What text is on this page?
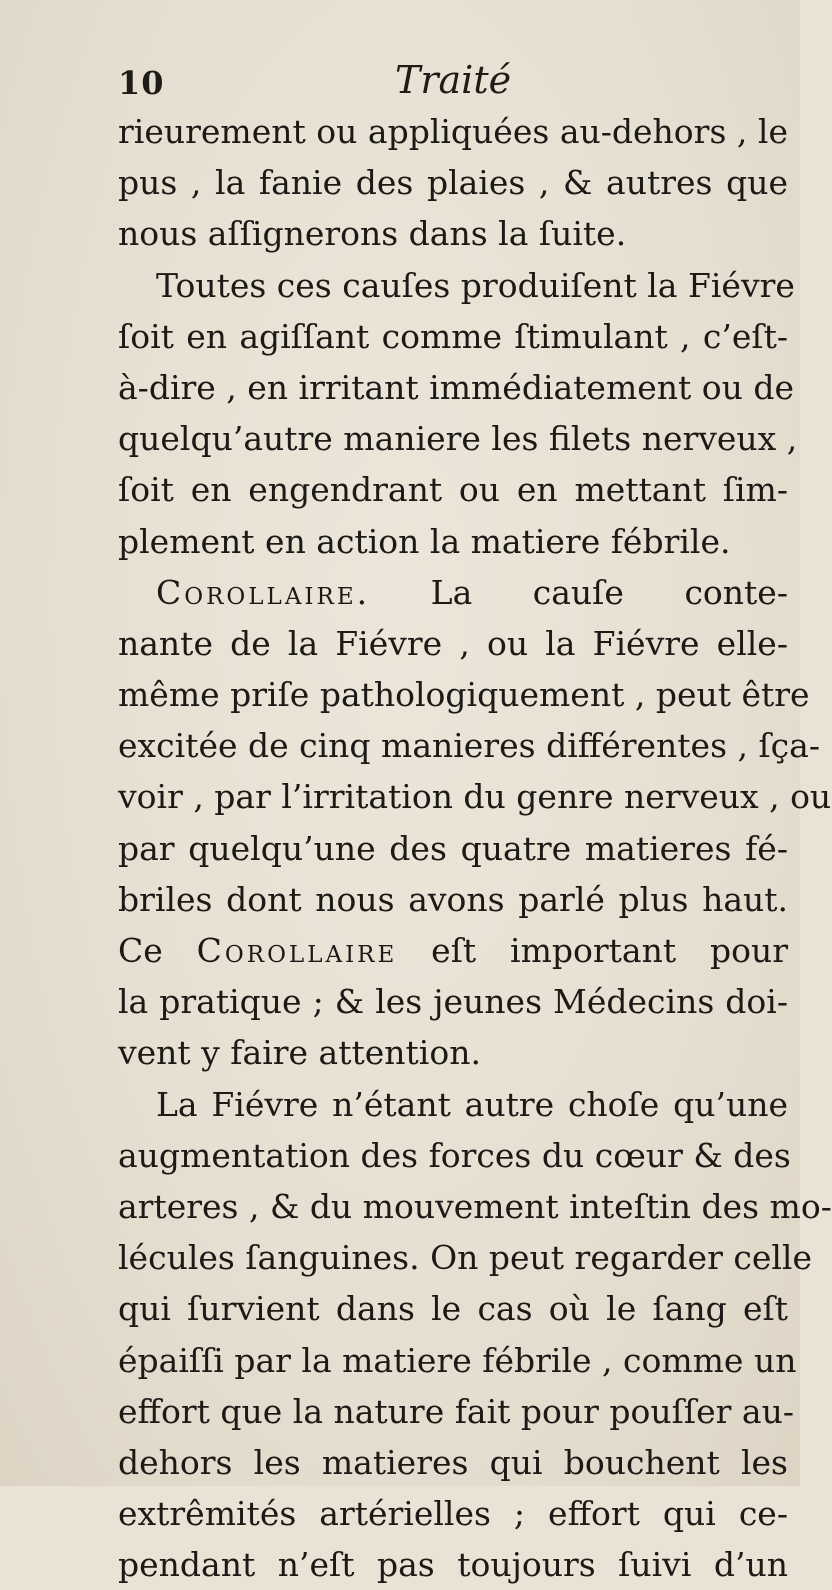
10	Traité
rieurement ou appliquées au-dehors , le
pus , la fanie des plaies , & autres que
nous aſſignerons dans la ſuite.
Toutes ces cauſes produiſent la Fiévre
ſoit en agiſſant comme ſtimulant , c’eſt-
à-dire , en irritant immédiatement ou de
quelqu’autre maniere les filets nerveux ,
ſoit en engendrant ou en mettant ſim-
plement en action la matiere fébrile.
Corollaire. La cauſe conte-
nante de la Fiévre , ou la Fiévre elle-
même priſe pathologiquement , peut être
excitée de cinq manieres différentes , ſça-
voir , par l’irritation du genre nerveux , ou
par quelqu’une des quatre matieres fé-
briles dont nous avons parlé plus haut.
Ce Corollaire eſt important pour
la pratique ; & les jeunes Médecins doi-
vent y faire attention.
La Fiévre n’étant autre choſe qu’une
augmentation des forces du cœur & des
arteres , & du mouvement inteſtin des mo-
lécules ſanguines. On peut regarder celle
qui ſurvient dans le cas où le ſang eſt
épaiſſi par la matiere fébrile , comme un
effort que la nature fait pour pouſſer au-
dehors les matieres qui bouchent les
extrêmités artérielles ; effort qui ce-
pendant n’eſt pas toujours ſuivi d’un
